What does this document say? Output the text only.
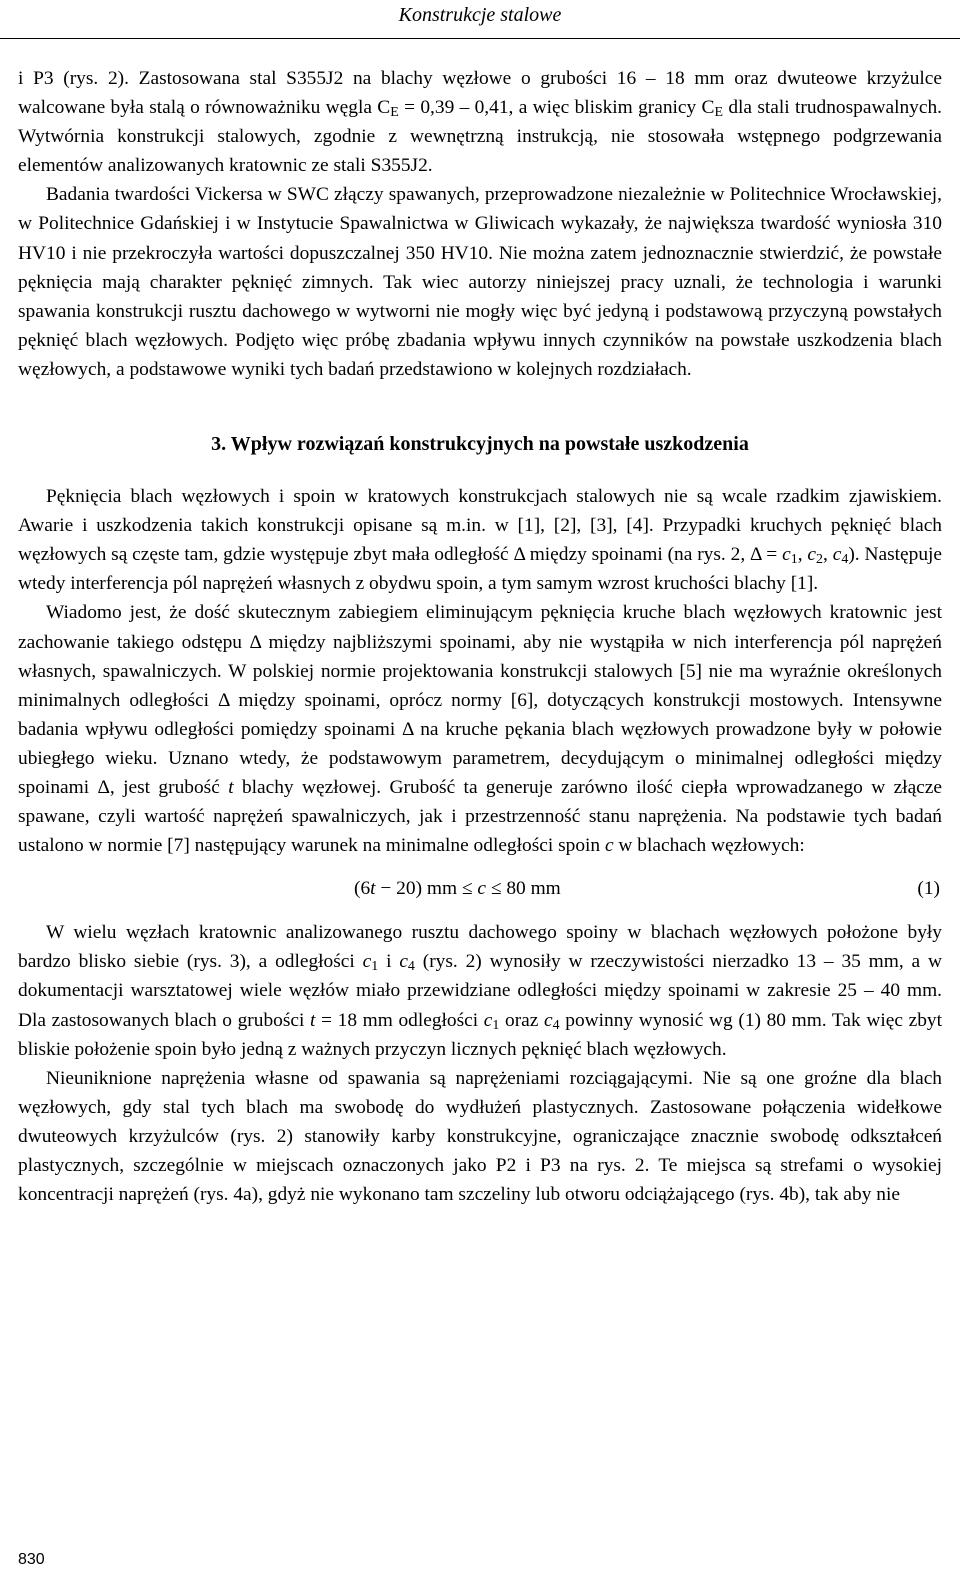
Konstrukcje stalowe

i P3 (rys. 2). Zastosowana stal S355J2 na blachy węzłowe o grubości 16 – 18 mm oraz dwuteowe krzyżulce walcowane była stalą o równoważniku węgla $C_E = 0,39 - 0,41$, a więc bliskim granicy $C_E$ dla stali trudnospawalnych. Wytwórnia konstrukcji stalowych, zgodnie z wewnętrzną instrukcją, nie stosowała wstępnego podgrzewania elementów analizowanych kratownic ze stali S355J2.

Badania twardości Vickersa w SWC złączy spawanych, przeprowadzone niezależnie w Politechnice Wrocławskiej, w Politechnice Gdańskiej i w Instytucie Spawalnictwa w Gliwicach wykazały, że największa twardość wyniosła 310 HV10 i nie przekroczyła wartości dopuszczalnej 350 HV10. Nie można zatem jednoznacznie stwierdzić, że powstałe pęknięcia mają charakter pęknięć zimnych. Tak wiec autorzy niniejszej pracy uznali, że technologia i warunki spawania konstrukcji rusztu dachowego w wytworni nie mogły więc być jedyną i podstawową przyczyną powstałych pęknięć blach węzłowych. Podjęto więc próbę zbadania wpływu innych czynników na powstałe uszkodzenia blach węzłowych, a podstawowe wyniki tych badań przedstawiono w kolejnych rozdziałach.

3. Wpływ rozwiązań konstrukcyjnych na powstałe uszkodzenia

Pęknięcia blach węzłowych i spoin w kratowych konstrukcjach stalowych nie są wcale rzadkim zjawiskiem. Awarie i uszkodzenia takich konstrukcji opisane są m.in. w [1], [2], [3], [4]. Przypadki kruchych pęknięć blach węzłowych są częste tam, gdzie występuje zbyt mała odległość Δ między spoinami (na rys. 2, $\Delta = c_1$, $c_2$, $c_4$). Następuje wtedy interferencja pól naprężeń własnych z obydwu spoin, a tym samym wzrost kruchości blachy [1].

Wiadomo jest, że dość skutecznym zabiegiem eliminującym pęknięcia kruche blach węzłowych kratownic jest zachowanie takiego odstępu Δ między najbliższymi spoinami, aby nie wystąpiła w nich interferencja pól naprężeń własnych, spawalniczych. W polskiej normie projektowania konstrukcji stalowych [5] nie ma wyraźnie określonych minimalnych odległości Δ między spoinami, oprócz normy [6], dotyczących konstrukcji mostowych. Intensywne badania wpływu odległości pomiędzy spoinami Δ na kruche pękania blach węzłowych prowadzone były w połowie ubiegłego wieku. Uznano wtedy, że podstawowym parametrem, decydującym o minimalnej odległości między spoinami Δ, jest grubość t blachy węzłowej. Grubość ta generuje zarówno ilość ciepła wprowadzanego w złącze spawane, czyli wartość naprężeń spawalniczych, jak i przestrzenność stanu naprężenia. Na podstawie tych badań ustalono w normie [7] następujący warunek na minimalne odległości spoin c w blachach węzłowych:

(6t − 20) mm ≤ c ≤ 80 mm	(1)

W wielu węzłach kratownic analizowanego rusztu dachowego spoiny w blachach węzłowych położone były bardzo blisko siebie (rys. 3), a odległości $c_1$ i $c_4$ (rys. 2) wynosiły w rzeczywistości nierzadko 13 – 35 mm, a w dokumentacji warsztatowej wiele węzłów miało przewidziane odległości między spoinami w zakresie 25 – 40 mm. Dla zastosowanych blach o grubości t = 18 mm odległości $c_1$ oraz $c_4$ powinny wynosić wg (1) 80 mm. Tak więc zbyt bliskie położenie spoin było jedną z ważnych przyczyn licznych pęknięć blach węzłowych.

Nieuniknione naprężenia własne od spawania są naprężeniami rozciągającymi. Nie są one groźne dla blach węzłowych, gdy stal tych blach ma swobodę do wydłużeń plastycznych. Zastosowane połączenia widełkowe dwuteowych krzyżulców (rys. 2) stanowiły karby konstrukcyjne, ograniczające znacznie swobodę odkształceń plastycznych, szczególnie w miejscach oznaczonych jako P2 i P3 na rys. 2. Te miejsca są strefami o wysokiej koncentracji naprężeń (rys. 4a), gdyż nie wykonano tam szczeliny lub otworu odciążającego (rys. 4b), tak aby nie

830
